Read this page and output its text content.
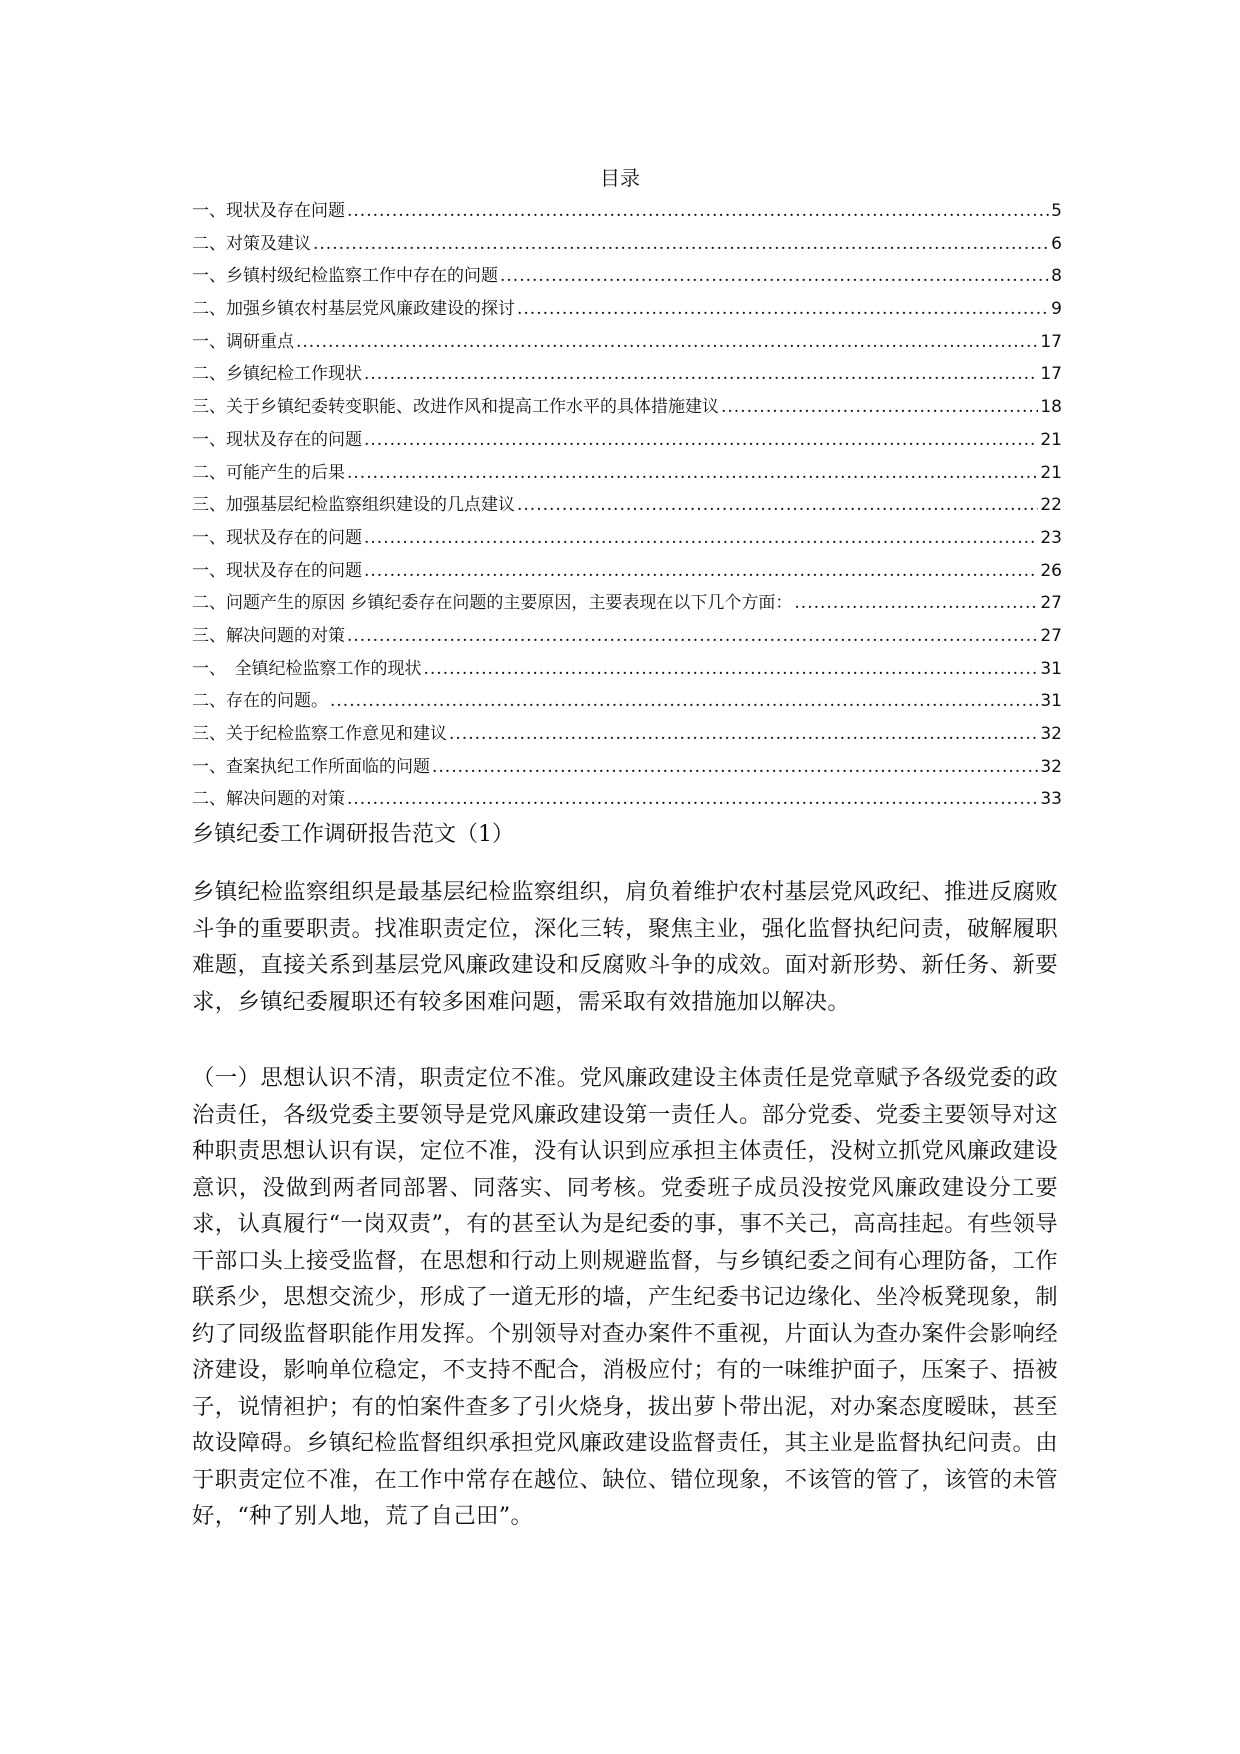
目录
一、现状及存在问题 .....	5
二、对策及建议 .....	6
一、乡镇村级纪检监察工作中存在的问题 .....	8
二、加强乡镇农村基层党风廉政建设的探讨 .....	9
一、调研重点 .....	17
二、乡镇纪检工作现状 .....	17
三、关于乡镇纪委转变职能、改进作风和提高工作水平的具体措施建议 .....	18
一、现状及存在的问题 .....	21
二、可能产生的后果 .....	21
三、加强基层纪检监察组织建设的几点建议 .....	22
一、现状及存在的问题 .....	23
一、现状及存在的问题 .....	26
二、问题产生的原因 乡镇纪委存在问题的主要原因，主要表现在以下几个方面： .....	27
三、解决问题的对策 .....	27
一、　全镇纪检监察工作的现状 .....	31
二、存在的问题。 .....	31
三、关于纪检监察工作意见和建议 .....	32
一、查案执纪工作所面临的问题 .....	32
二、解决问题的对策 .....	33
乡镇纪委工作调研报告范文（1）

乡镇纪检监察组织是最基层纪检监察组织，肩负着维护农村基层党风政纪、推进反腐败斗争的重要职责。找准职责定位，深化三转，聚焦主业，强化监督执纪问责，破解履职难题，直接关系到基层党风廉政建设和反腐败斗争的成效。面对新形势、新任务、新要求，乡镇纪委履职还有较多困难问题，需采取有效措施加以解决。

（一）思想认识不清，职责定位不准。党风廉政建设主体责任是党章赋予各级党委的政治责任，各级党委主要领导是党风廉政建设第一责任人。部分党委、党委主要领导对这种职责思想认识有误，定位不准，没有认识到应承担主体责任，没树立抓党风廉政建设意识，没做到两者同部署、同落实、同考核。党委班子成员没按党风廉政建设分工要求，认真履行“一岗双责”，有的甚至认为是纪委的事，事不关己，高高挂起。有些领导干部口头上接受监督，在思想和行动上则规避监督，与乡镇纪委之间有心理防备，工作联系少，思想交流少，形成了一道无形的墙，产生纪委书记边缘化、坐冷板凳现象，制约了同级监督职能作用发挥。个别领导对查办案件不重视，片面认为查办案件会影响经济建设，影响单位稳定，不支持不配合，消极应付；有的一味维护面子，压案子、捂被子，说情袒护；有的怕案件查多了引火烧身，拔出萝卜带出泥，对办案态度暧昧，甚至故设障碍。乡镇纪检监督组织承担党风廉政建设监督责任，其主业是监督执纪问责。由于职责定位不准，在工作中常存在越位、缺位、错位现象，不该管的管了，该管的未管好，“种了别人地，荒了自己田”。
